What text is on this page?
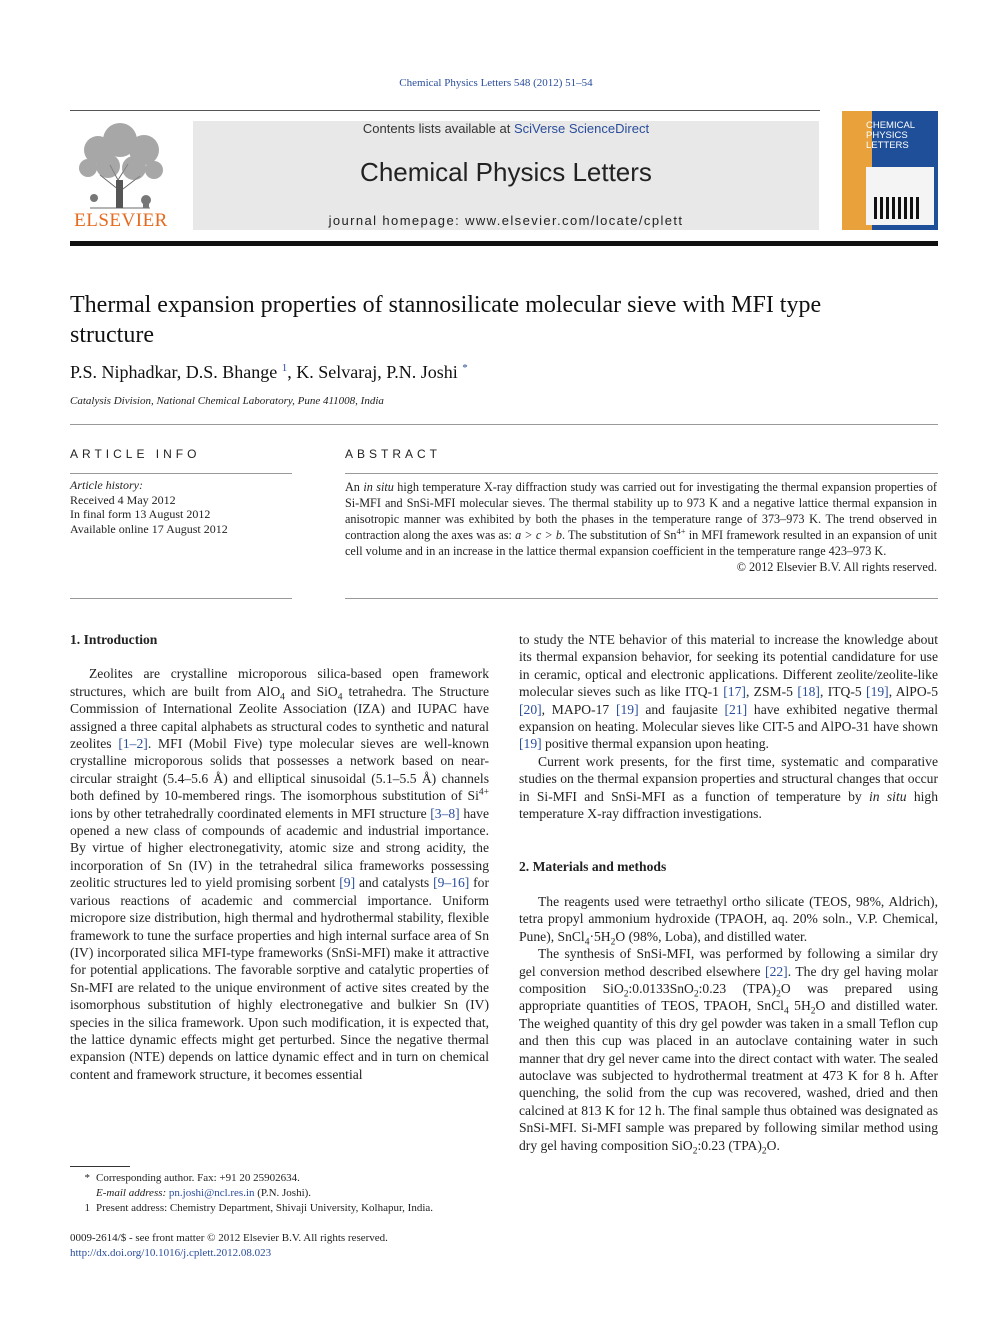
Chemical Physics Letters 548 (2012) 51–54
ELSEVIER
Contents lists available at SciVerse ScienceDirect
Chemical Physics Letters
journal homepage: www.elsevier.com/locate/cplett
CHEMICAL
PHYSICS
LETTERS
Thermal expansion properties of stannosilicate molecular sieve with MFI type structure
P.S. Niphadkar, D.S. Bhange $^1$, K. Selvaraj, P.N. Joshi *
Catalysis Division, National Chemical Laboratory, Pune 411008, India
ARTICLE INFO
Article history:
Received 4 May 2012
In final form 13 August 2012
Available online 17 August 2012
ABSTRACT
An in situ high temperature X-ray diffraction study was carried out for investigating the thermal expansion properties of Si-MFI and SnSi-MFI molecular sieves. The thermal stability up to 973 K and a negative lattice thermal expansion in anisotropic manner was exhibited by both the phases in the temperature range of 373–973 K. The trend observed in contraction along the axes was as: a > c > b. The substitution of $Sn^{4+}$ in MFI framework resulted in an expansion of unit cell volume and in an increase in the lattice thermal expansion coefficient in the temperature range 423–973 K.
© 2012 Elsevier B.V. All rights reserved.
1. Introduction

Zeolites are crystalline microporous silica-based open framework structures, which are built from AlO$_4$ and SiO$_4$ tetrahedra. The Structure Commission of International Zeolite Association (IZA) and IUPAC have assigned a three capital alphabets as structural codes to synthetic and natural zeolites [1–2]. MFI (Mobil Five) type molecular sieves are well-known crystalline microporous solids that possesses a network based on near-circular straight (5.4–5.6 Å) and elliptical sinusoidal (5.1–5.5 Å) channels both defined by 10-membered rings. The isomorphous substitution of $Si^{4+}$ ions by other tetrahedrally coordinated elements in MFI structure [3–8] have opened a new class of compounds of academic and industrial importance. By virtue of higher electronegativity, atomic size and strong acidity, the incorporation of Sn (IV) in the tetrahedral silica frameworks possessing zeolitic structures led to yield promising sorbent [9] and catalysts [9–16] for various reactions of academic and commercial importance. Uniform micropore size distribution, high thermal and hydrothermal stability, flexible framework to tune the surface properties and high internal surface area of Sn (IV) incorporated silica MFI-type frameworks (SnSi-MFI) make it attractive for potential applications. The favorable sorptive and catalytic properties of Sn-MFI are related to the unique environment of active sites created by the isomorphous substitution of highly electronegative and bulkier Sn (IV) species in the silica framework. Upon such modification, it is expected that, the lattice dynamic effects might get perturbed. Since the negative thermal expansion (NTE) depends on lattice dynamic effect and in turn on chemical content and framework structure, it becomes essential

to study the NTE behavior of this material to increase the knowledge about its thermal expansion behavior, for seeking its potential candidature for use in ceramic, optical and electronic applications. Different zeolite/zeolite-like molecular sieves such as like ITQ-1 [17], ZSM-5 [18], ITQ-5 [19], AlPO-5 [20], MAPO-17 [19] and faujasite [21] have exhibited negative thermal expansion on heating. Molecular sieves like CIT-5 and AlPO-31 have shown [19] positive thermal expansion upon heating.

Current work presents, for the first time, systematic and comparative studies on the thermal expansion properties and structural changes that occur in Si-MFI and SnSi-MFI as a function of temperature by in situ high temperature X-ray diffraction investigations.

2. Materials and methods

The reagents used were tetraethyl ortho silicate (TEOS, 98%, Aldrich), tetra propyl ammonium hydroxide (TPAOH, aq. 20% soln., V.P. Chemical, Pune), $SnCl_4\cdot 5H_2O$ (98%, Loba), and distilled water.

The synthesis of SnSi-MFI, was performed by following a similar dry gel conversion method described elsewhere [22]. The dry gel having molar composition SiO$_2$:0.0133SnO$_2$:0.23 $(TPA)_2O$ was prepared using appropriate quantities of TEOS, TPAOH, SnCl$_4$ $5H_2O$ and distilled water. The weighed quantity of this dry gel powder was taken in a small Teflon cup and then this cup was placed in an autoclave containing water in such manner that dry gel never came into the direct contact with water. The sealed autoclave was subjected to hydrothermal treatment at 473 K for 8 h. After quenching, the solid from the cup was recovered, washed, dried and then calcined at 813 K for 12 h. The final sample thus obtained was designated as SnSi-MFI. Si-MFI sample was prepared by following similar method using dry gel having composition SiO$_2$:0.23 $(TPA)_2O$.

* Corresponding author. Fax: +91 20 25902634.
E-mail address: pn.joshi@ncl.res.in (P.N. Joshi).
1 Present address: Chemistry Department, Shivaji University, Kolhapur, India.
0009-2614/$ - see front matter © 2012 Elsevier B.V. All rights reserved.
http://dx.doi.org/10.1016/j.cplett.2012.08.023
